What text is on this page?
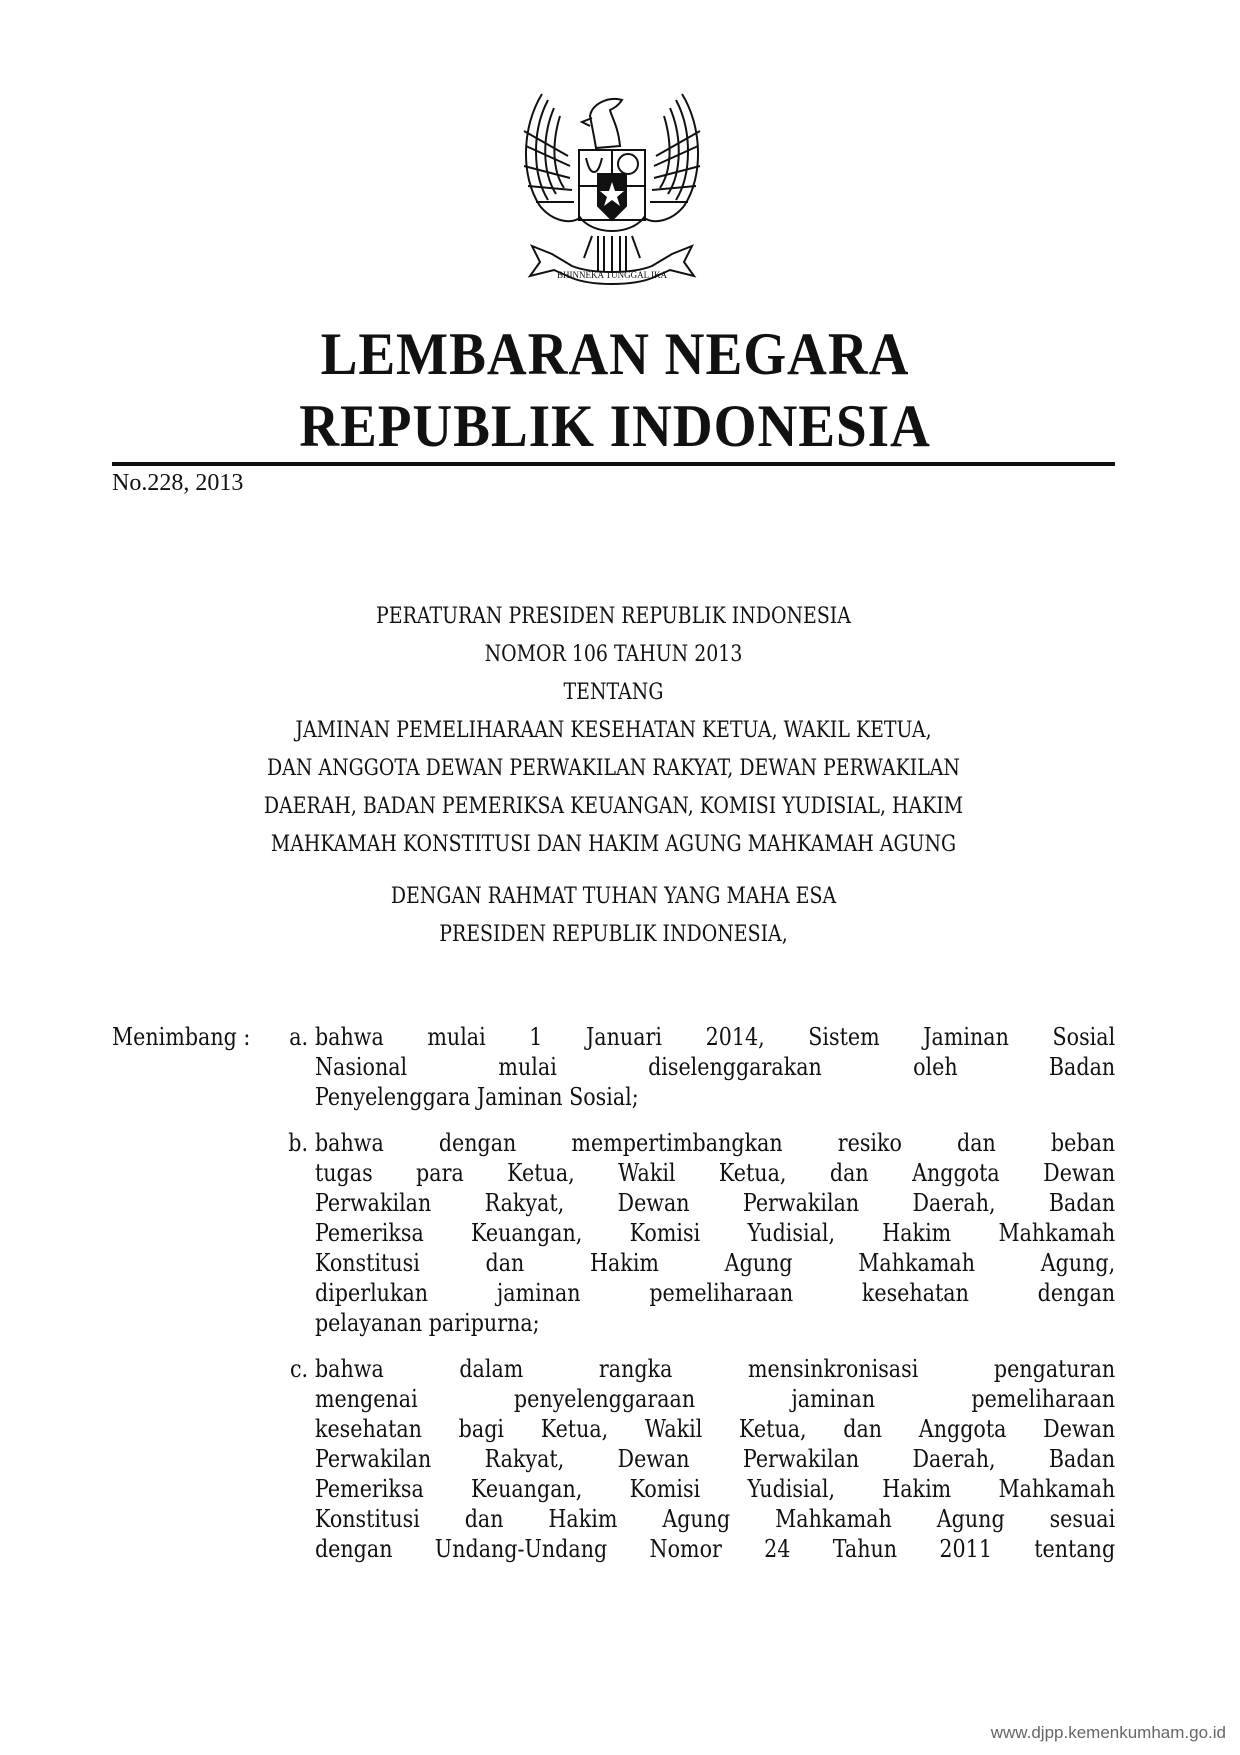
BHINNEKA TUNGGAL IKA
LEMBARAN NEGARA
REPUBLIK INDONESIA
No.228, 2013
PERATURAN PRESIDEN REPUBLIK INDONESIA
NOMOR 106 TAHUN 2013
TENTANG
JAMINAN PEMELIHARAAN KESEHATAN KETUA, WAKIL KETUA,
DAN ANGGOTA DEWAN PERWAKILAN RAKYAT, DEWAN PERWAKILAN
DAERAH, BADAN PEMERIKSA KEUANGAN, KOMISI YUDISIAL, HAKIM
MAHKAMAH KONSTITUSI DAN HAKIM AGUNG MAHKAMAH AGUNG
DENGAN RAHMAT TUHAN YANG MAHA ESA
PRESIDEN REPUBLIK INDONESIA,
Menimbang :	a. bahwa mulai 1 Januari 2014, Sistem Jaminan Sosial
Nasional mulai diselenggarakan oleh Badan
Penyelenggara Jaminan Sosial;
b. bahwa dengan mempertimbangkan resiko dan beban
tugas para Ketua, Wakil Ketua, dan Anggota Dewan
Perwakilan Rakyat, Dewan Perwakilan Daerah, Badan
Pemeriksa Keuangan, Komisi Yudisial, Hakim Mahkamah
Konstitusi dan Hakim Agung Mahkamah Agung,
diperlukan jaminan pemeliharaan kesehatan dengan
pelayanan paripurna;
c. bahwa dalam rangka mensinkronisasi pengaturan
mengenai penyelenggaraan jaminan pemeliharaan
kesehatan bagi Ketua, Wakil Ketua, dan Anggota Dewan
Perwakilan Rakyat, Dewan Perwakilan Daerah, Badan
Pemeriksa Keuangan, Komisi Yudisial, Hakim Mahkamah
Konstitusi dan Hakim Agung Mahkamah Agung sesuai
dengan Undang-Undang Nomor 24 Tahun 2011 tentang
www.djpp.kemenkumham.go.id
